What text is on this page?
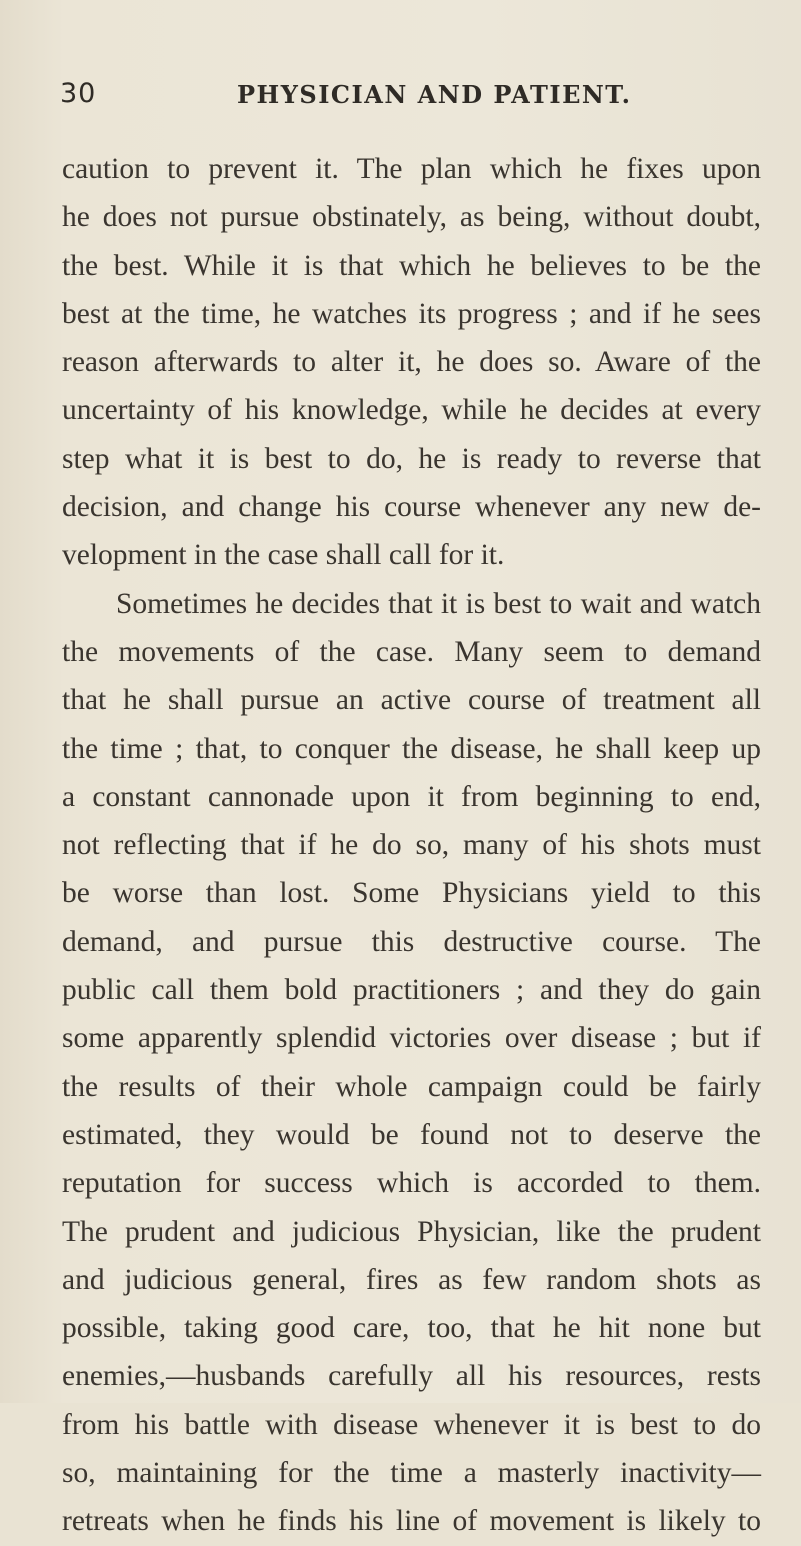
30	PHYSICIAN AND PATIENT.
caution to prevent it. The plan which he fixes upon
he does not pursue obstinately, as being, without doubt,
the best. While it is that which he believes to be the
best at the time, he watches its progress ; and if he sees
reason afterwards to alter it, he does so. Aware of the
uncertainty of his knowledge, while he decides at every
step what it is best to do, he is ready to reverse that
decision, and change his course whenever any new de-
velopment in the case shall call for it.
Sometimes he decides that it is best to wait and watch
the movements of the case. Many seem to demand
that he shall pursue an active course of treatment all
the time ; that, to conquer the disease, he shall keep up
a constant cannonade upon it from beginning to end,
not reflecting that if he do so, many of his shots must
be worse than lost. Some Physicians yield to this
demand, and pursue this destructive course. The
public call them bold practitioners ; and they do gain
some apparently splendid victories over disease ; but if
the results of their whole campaign could be fairly
estimated, they would be found not to deserve the
reputation for success which is accorded to them.
The prudent and judicious Physician, like the prudent
and judicious general, fires as few random shots as
possible, taking good care, too, that he hit none but
enemies,—husbands carefully all his resources, rests
from his battle with disease whenever it is best to do
so, maintaining for the time a masterly inactivity—
retreats when he finds his line of movement is likely to
